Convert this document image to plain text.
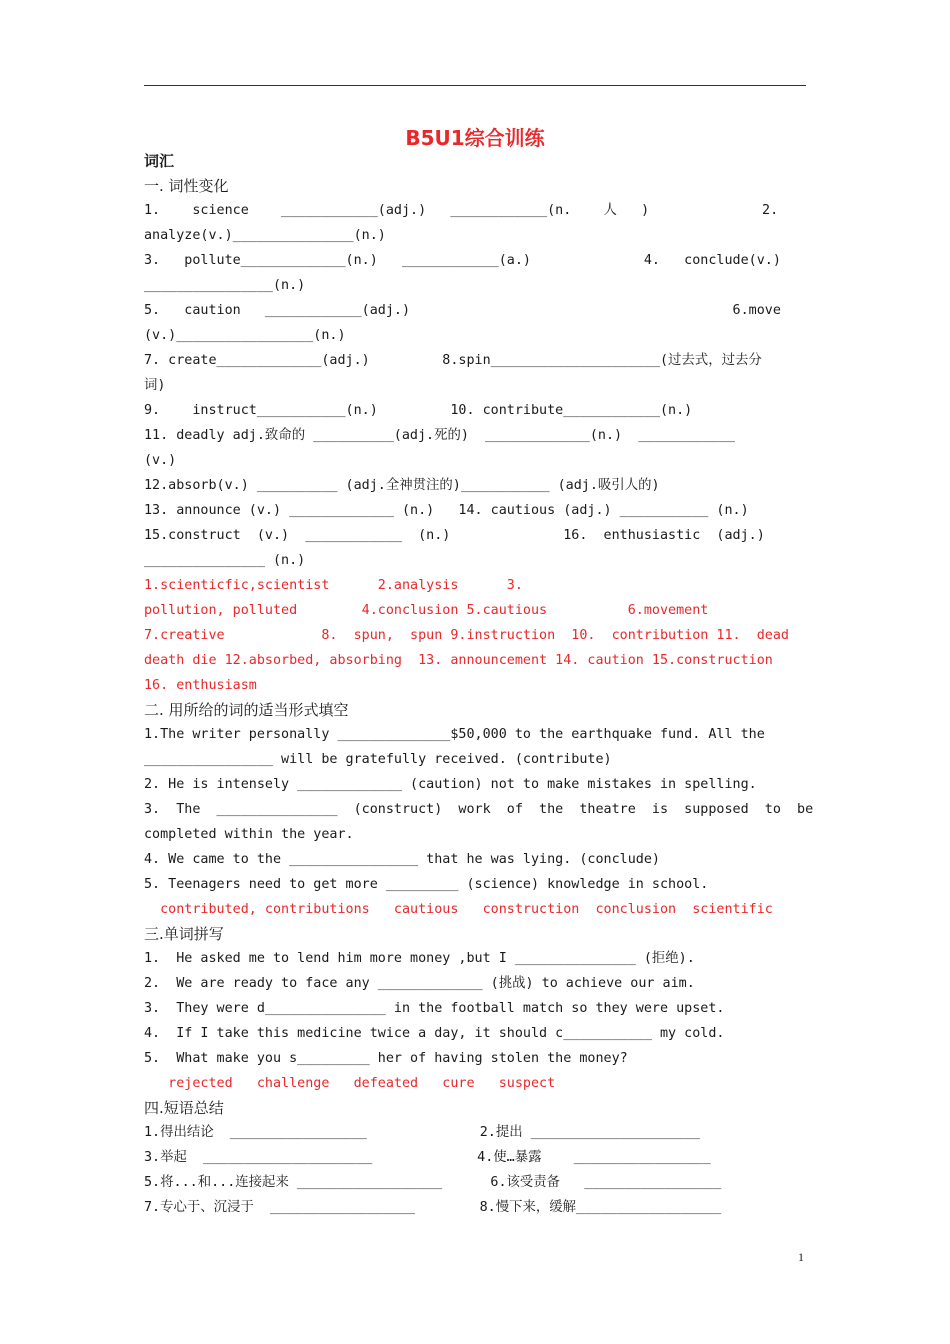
B5U1综合训练
词汇
一. 词性变化
1.    science    ____________(adj.)   ____________(n.    人   )              2.
analyze(v.)_______________(n.)
3.   pollute_____________(n.)   ____________(a.)              4.   conclude(v.)
________________(n.)
5.   caution   ____________(adj.)                                        6.move
(v.)_________________(n.)
7. create_____________(adj.)         8.spin_____________________(过去式，过去分
词)
9.    instruct___________(n.)         10. contribute____________(n.)
11. deadly adj.致命的 __________(adj.死的)  _____________(n.)  ____________
(v.)
12.absorb(v.) __________ (adj.全神贯注的)___________ (adj.吸引人的)
13. announce (v.) _____________ (n.)   14. cautious (adj.) ___________ (n.)
15.construct  (v.)  ____________  (n.)              16.  enthusiastic  (adj.)
_______________ (n.)
1.scienticfic,scientist      2.analysis      3.
pollution, polluted        4.conclusion 5.cautious          6.movement
7.creative            8.  spun,  spun 9.instruction  10.  contribution 11.  dead
death die 12.absorbed, absorbing  13. announcement 14. caution 15.construction
16. enthusiasm
二. 用所给的词的适当形式填空
1.The writer personally ______________$50,000 to the earthquake fund. All the
________________ will be gratefully received. (contribute)
2. He is intensely _____________ (caution) not to make mistakes in spelling.
3.  The  _______________  (construct)  work  of  the  theatre  is  supposed  to  be
completed within the year.
4. We came to the ________________ that he was lying. (conclude)
5. Teenagers need to get more _________ (science) knowledge in school.
contributed, contributions   cautious   construction  conclusion  scientific
三.单词拼写
1.  He asked me to lend him more money ,but I _______________ (拒绝).
2.  We are ready to face any _____________ (挑战) to achieve our aim.
3.  They were d_______________ in the football match so they were upset.
4.  If I take this medicine twice a day, it should c___________ my cold.
5.  What make you s_________ her of having stolen the money?
rejected   challenge   defeated   cure   suspect
四.短语总结
1.得出结论  _________________              2.提出 _____________________
3.举起  _____________________             4.使…暴露    _________________
5.将...和...连接起来 __________________      6.该受责备   _________________
7.专心于、沉浸于  __________________        8.慢下来，缓解__________________
1
